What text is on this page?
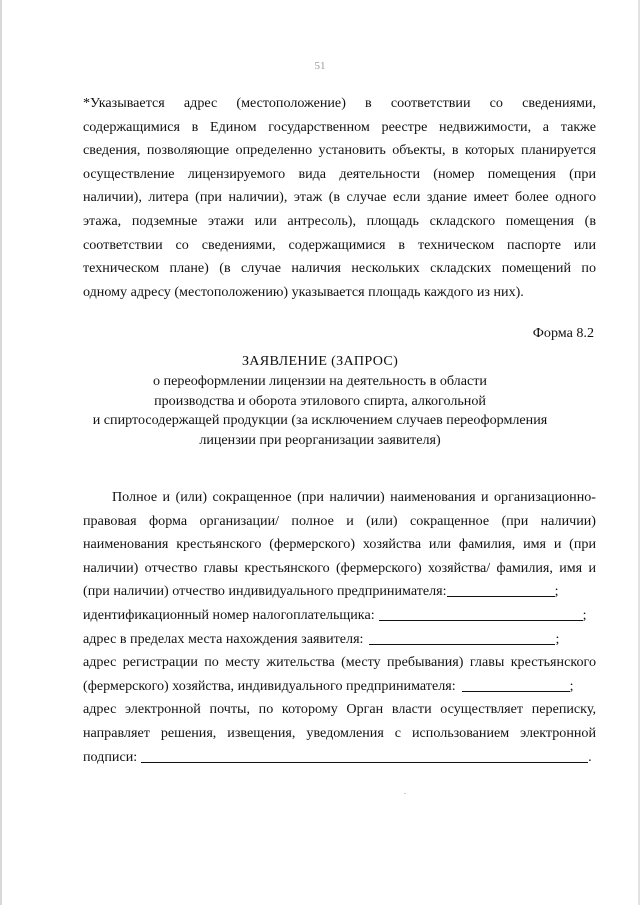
51
*Указывается адрес (местоположение) в соответствии со сведениями,
содержащимися в Едином государственном реестре недвижимости, а также
сведения, позволяющие определенно установить объекты, в которых планируется
осуществление лицензируемого вида деятельности (номер помещения (при
наличии), литера (при наличии), этаж (в случае если здание имеет более одного
этажа, подземные этажи или антресоль), площадь складского помещения (в
соответствии со сведениями, содержащимися в техническом паспорте или
техническом плане) (в случае наличия нескольких складских помещений по
одному адресу (местоположению) указывается площадь каждого из них).
Форма 8.2
ЗАЯВЛЕНИЕ (ЗАПРОС)
о переоформлении лицензии на деятельность в области
производства и оборота этилового спирта, алкогольной
и спиртосодержащей продукции (за исключением случаев переоформления
лицензии при реорганизации заявителя)
Полное и (или) сокращенное (при наличии) наименования и организационно-
правовая форма организации/ полное и (или) сокращенное (при наличии)
наименования крестьянского (фермерского) хозяйства или фамилия, имя и (при
наличии) отчество главы крестьянского (фермерского) хозяйства/ фамилия, имя и
(при наличии) отчество индивидуального предпринимателя:	;
идентификационный номер налогоплательщика:	;
адрес в пределах места нахождения заявителя:	;
адрес регистрации по месту жительства (месту пребывания) главы крестьянского
(фермерского) хозяйства, индивидуального предпринимателя:	;
адрес электронной почты, по которому Орган власти осуществляет переписку,
направляет решения, извещения, уведомления с использованием электронной
подписи:	.
